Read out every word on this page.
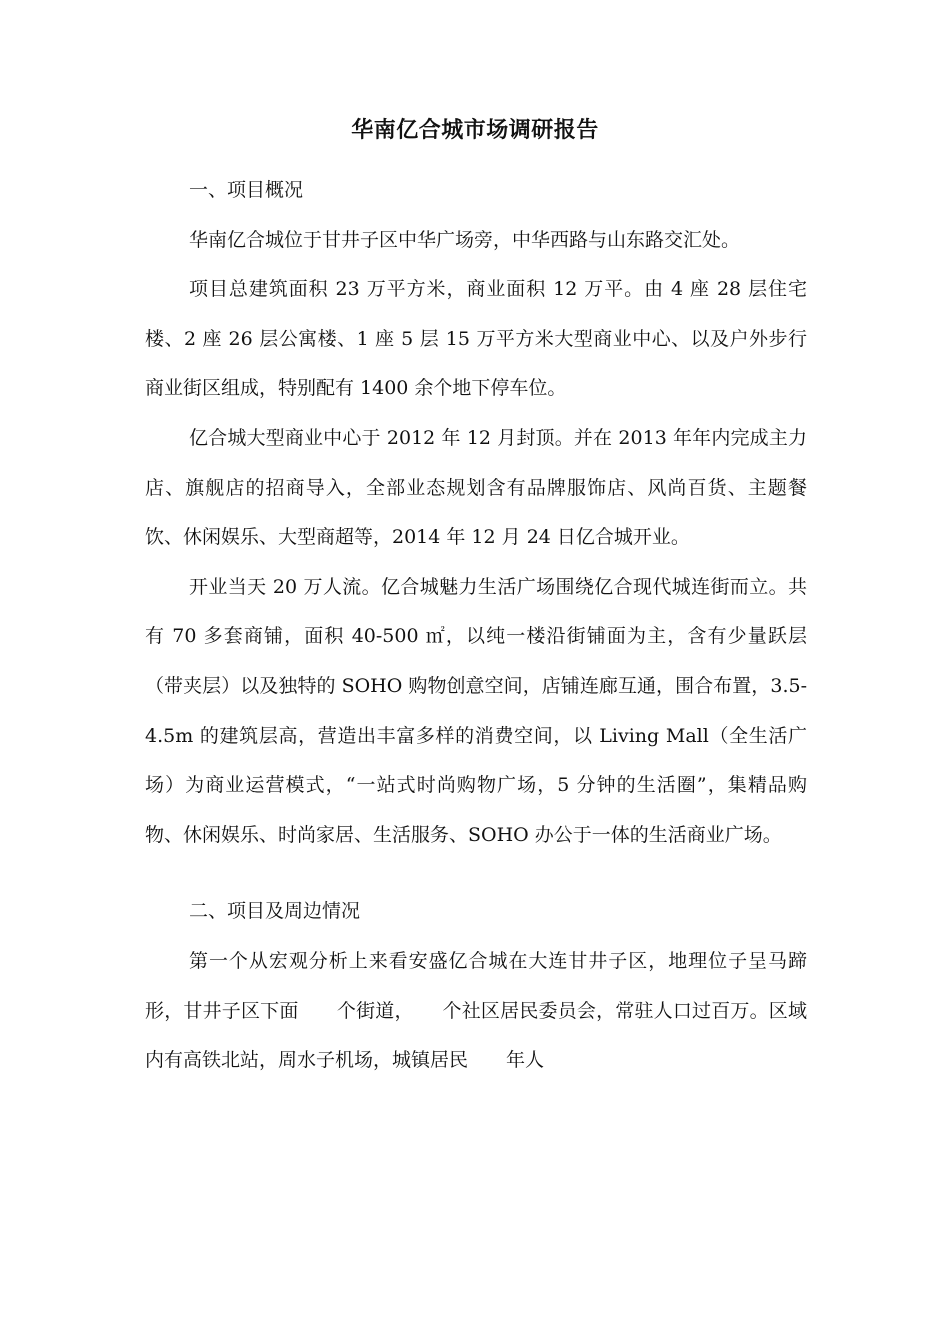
华南亿合城市场调研报告
一、项目概况

华南亿合城位于甘井子区中华广场旁，中华西路与山东路交汇处。

项目总建筑面积 23 万平方米，商业面积 12 万平。由 4 座 28 层住宅楼、2 座 26 层公寓楼、1 座 5 层 15 万平方米大型商业中心、以及户外步行商业街区组成，特别配有 1400 余个地下停车位。

亿合城大型商业中心于 2012 年 12 月封顶。并在 2013 年年内完成主力店、旗舰店的招商导入，全部业态规划含有品牌服饰店、风尚百货、主题餐饮、休闲娱乐、大型商超等，2014 年 12 月 24 日亿合城开业。

开业当天 20 万人流。亿合城魅力生活广场围绕亿合现代城连街而立。共有 70 多套商铺，面积 40-500 ㎡，以纯一楼沿街铺面为主，含有少量跃层（带夹层）以及独特的 SOHO 购物创意空间，店铺连廊互通，围合布置，3.5-4.5m 的建筑层高，营造出丰富多样的消费空间，以 Living Mall（全生活广场）为商业运营模式，“一站式时尚购物广场，5 分钟的生活圈”，集精品购物、休闲娱乐、时尚家居、生活服务、SOHO 办公于一体的生活商业广场。

二、项目及周边情况

第一个从宏观分析上来看安盛亿合城在大连甘井子区，地理位子呈马蹄形，甘井子区下面　　个街道，　　个社区居民委员会，常驻人口过百万。区域内有高铁北站，周水子机场，城镇居民　　年人
